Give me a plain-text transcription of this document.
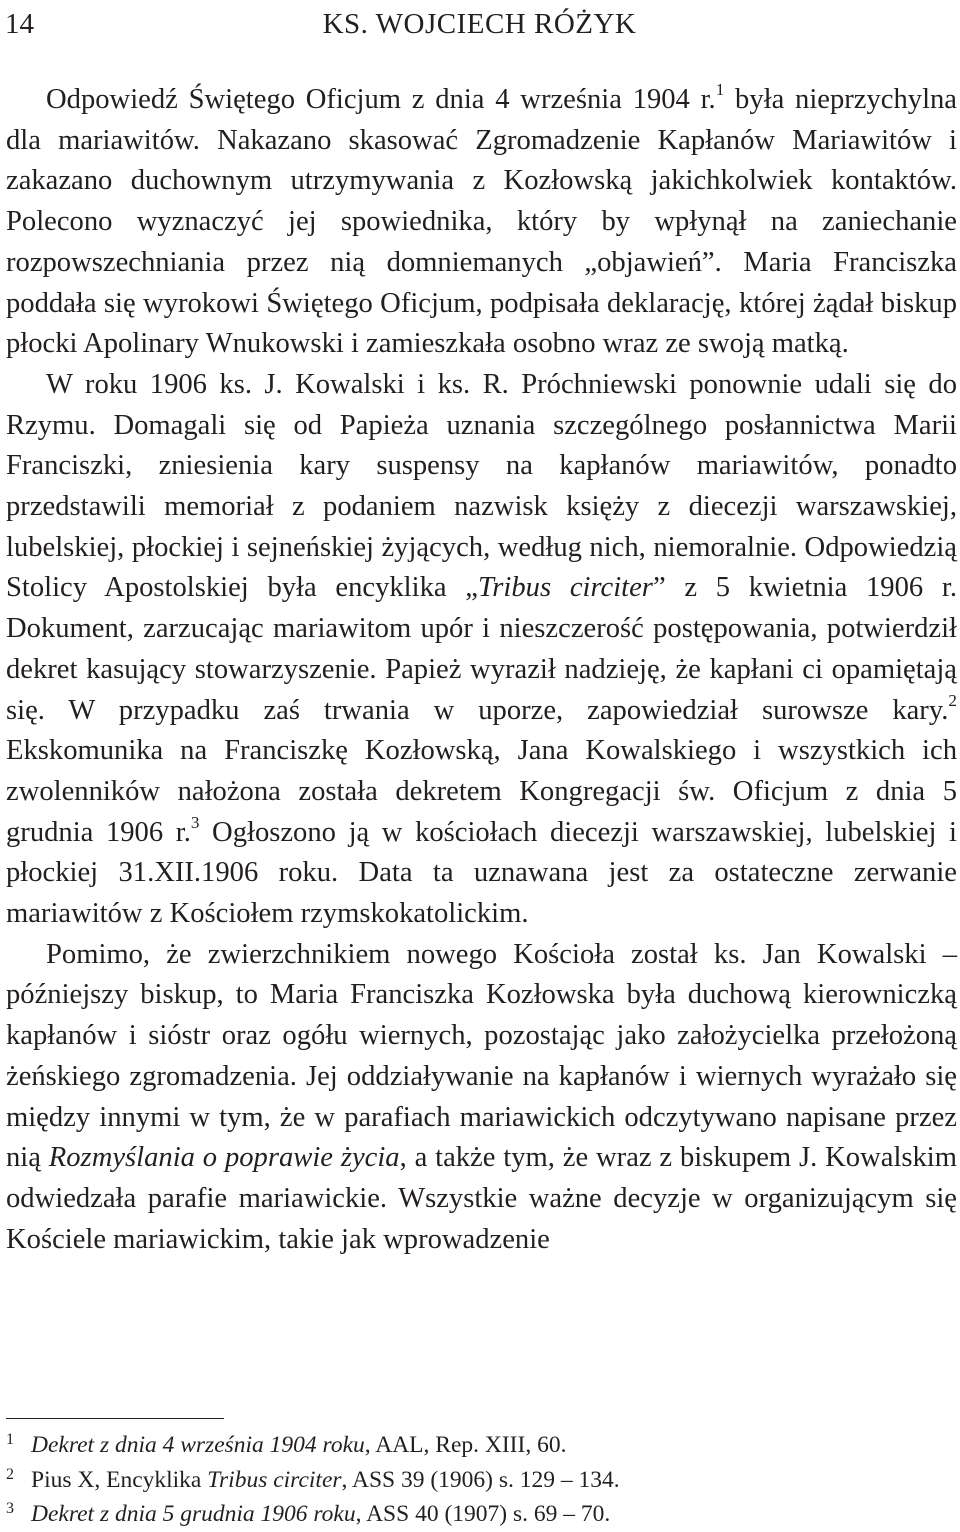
14	KS. WOJCIECH RÓŻYK

Odpowiedź Świętego Oficjum z dnia 4 września 1904 r.$^1$ była nieprzychylna dla mariawitów. Nakazano skasować Zgromadzenie Kapłanów Mariawitów i zakazano duchownym utrzymywania z Kozłowską jakichkolwiek kontaktów. Polecono wyznaczyć jej spowiednika, który by wpłynął na zaniechanie rozpowszechniania przez nią domniemanych „objawień”. Maria Franciszka poddała się wyrokowi Świętego Oficjum, podpisała deklarację, której żądał biskup płocki Apolinary Wnukowski i zamieszkała osobno wraz ze swoją matką.

W roku 1906 ks. J. Kowalski i ks. R. Próchniewski ponownie udali się do Rzymu. Domagali się od Papieża uznania szczególnego posłannictwa Marii Franciszki, zniesienia kary suspensy na kapłanów mariawitów, ponadto przedstawili memoriał z podaniem nazwisk księży z diecezji warszawskiej, lubelskiej, płockiej i sejneńskiej żyjących, według nich, niemoralnie. Odpowiedzią Stolicy Apostolskiej była encyklika „Tribus circiter” z 5 kwietnia 1906 r. Dokument, zarzucając mariawitom upór i nieszczerość postępowania, potwierdził dekret kasujący stowarzyszenie. Papież wyraził nadzieję, że kapłani ci opamiętają się. W przypadku zaś trwania w uporze, zapowiedział surowsze kary.$^2$ Ekskomunika na Franciszkę Kozłowską, Jana Kowalskiego i wszystkich ich zwolenników nałożona została dekretem Kongregacji św. Oficjum z dnia 5 grudnia 1906 r.$^3$ Ogłoszono ją w kościołach diecezji warszawskiej, lubelskiej i płockiej 31.XII.1906 roku. Data ta uznawana jest za ostateczne zerwanie mariawitów z Kościołem rzymskokatolickim.

Pomimo, że zwierzchnikiem nowego Kościoła został ks. Jan Kowalski – późniejszy biskup, to Maria Franciszka Kozłowska była duchową kierowniczką kapłanów i sióstr oraz ogółu wiernych, pozostając jako założycielka przełożoną żeńskiego zgromadzenia. Jej oddziaływanie na kapłanów i wiernych wyrażało się między innymi w tym, że w parafiach mariawickich odczytywano napisane przez nią Rozmyślania o poprawie życia, a także tym, że wraz z biskupem J. Kowalskim odwiedzała parafie mariawickie. Wszystkie ważne decyzje w organizującym się Kościele mariawickim, takie jak wprowadzenie

1 Dekret z dnia 4 września 1904 roku, AAL, Rep. XIII, 60.
2 Pius X, Encyklika Tribus circiter, ASS 39 (1906) s. 129 – 134.
3 Dekret z dnia 5 grudnia 1906 roku, ASS 40 (1907) s. 69 – 70.
